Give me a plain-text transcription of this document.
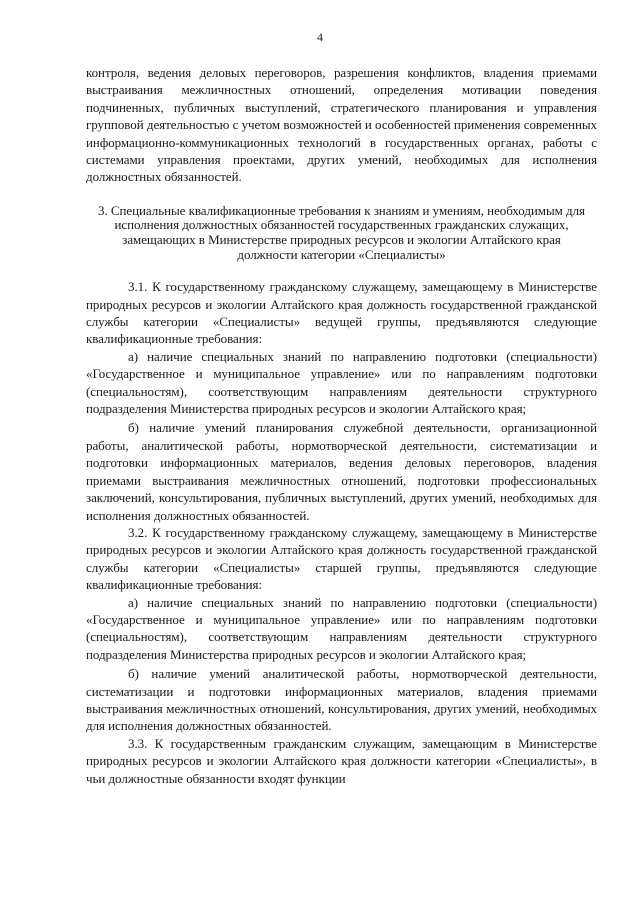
4

контроля, ведения деловых переговоров, разрешения конфликтов, владения приемами выстраивания межличностных отношений, определения мотивации поведения подчиненных, публичных выступлений, стратегического планирования и управления групповой деятельностью с учетом возможностей и особенностей применения современных информационно-коммуникационных технологий в государственных органах, работы с системами управления проектами, других умений, необходимых для исполнения должностных обязанностей.

3. Специальные квалификационные требования к знаниям и умениям, необходимым для исполнения должностных обязанностей государственных гражданских служащих, замещающих в Министерстве природных ресурсов и экологии Алтайского края должности категории «Специалисты»

3.1. К государственному гражданскому служащему, замещающему в Министерстве природных ресурсов и экологии Алтайского края должность государственной гражданской службы категории «Специалисты» ведущей группы, предъявляются следующие квалификационные требования:

а) наличие специальных знаний по направлению подготовки (специальности) «Государственное и муниципальное управление» или по направлениям подготовки (специальностям), соответствующим направлениям деятельности структурного подразделения Министерства природных ресурсов и экологии Алтайского края;

б) наличие умений планирования служебной деятельности, организационной работы, аналитической работы, нормотворческой деятельности, систематизации и подготовки информационных материалов, ведения деловых переговоров, владения приемами выстраивания межличностных отношений, подготовки профессиональных заключений, консультирования, публичных выступлений, других умений, необходимых для исполнения должностных обязанностей.

3.2. К государственному гражданскому служащему, замещающему в Министерстве природных ресурсов и экологии Алтайского края должность государственной гражданской службы категории «Специалисты» старшей группы, предъявляются следующие квалификационные требования:

а) наличие специальных знаний по направлению подготовки (специальности) «Государственное и муниципальное управление» или по направлениям подготовки (специальностям), соответствующим направлениям деятельности структурного подразделения Министерства природных ресурсов и экологии Алтайского края;

б) наличие умений аналитической работы, нормотворческой деятельности, систематизации и подготовки информационных материалов, владения приемами выстраивания межличностных отношений, консультирования, других умений, необходимых для исполнения должностных обязанностей.

3.3. К государственным гражданским служащим, замещающим в Министерстве природных ресурсов и экологии Алтайского края должности категории «Специалисты», в чьи должностные обязанности входят функции
